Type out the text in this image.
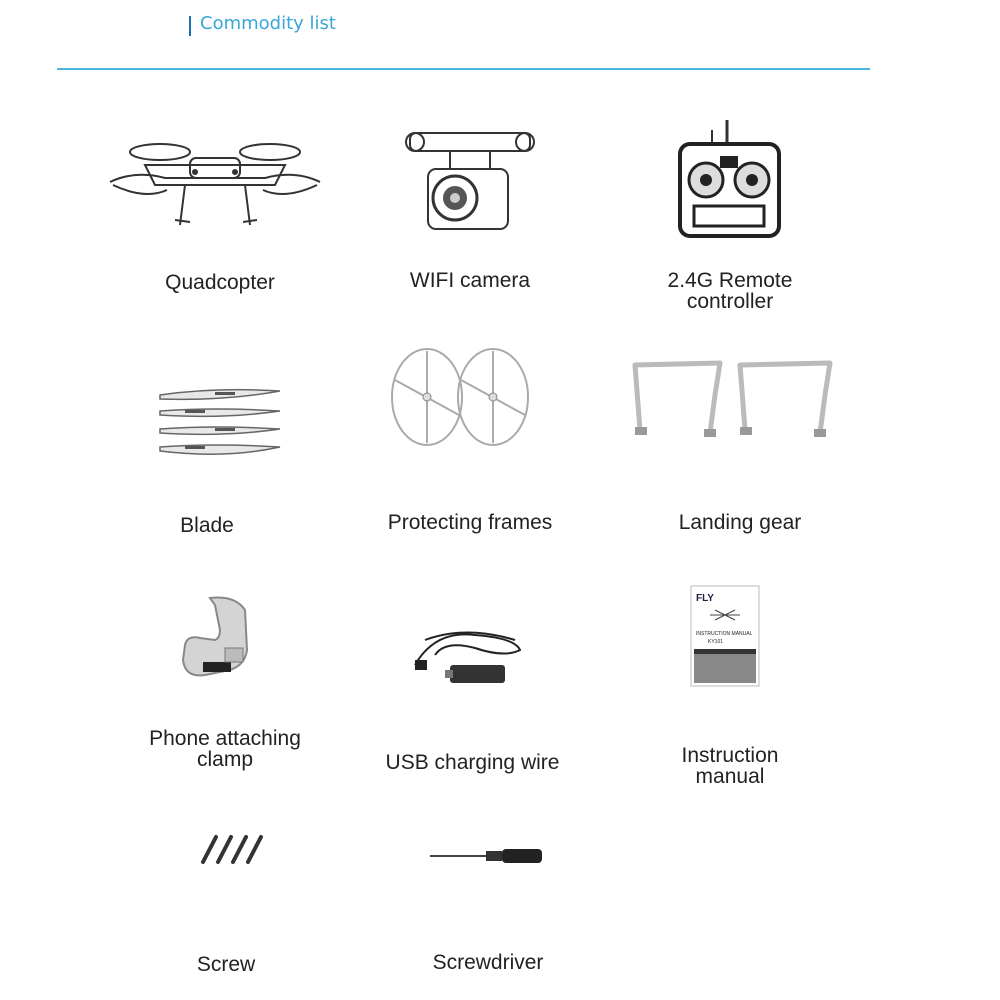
Commodity list
Quadcopter	WIFI camera	2.4G Remote
controller
Blade	Protecting frames	Landing gear
Phone attaching
clamp	USB charging wire
FLY
INSTRUCTION MANUAL
KY101
Instruction
manual
Screw	Screwdriver
